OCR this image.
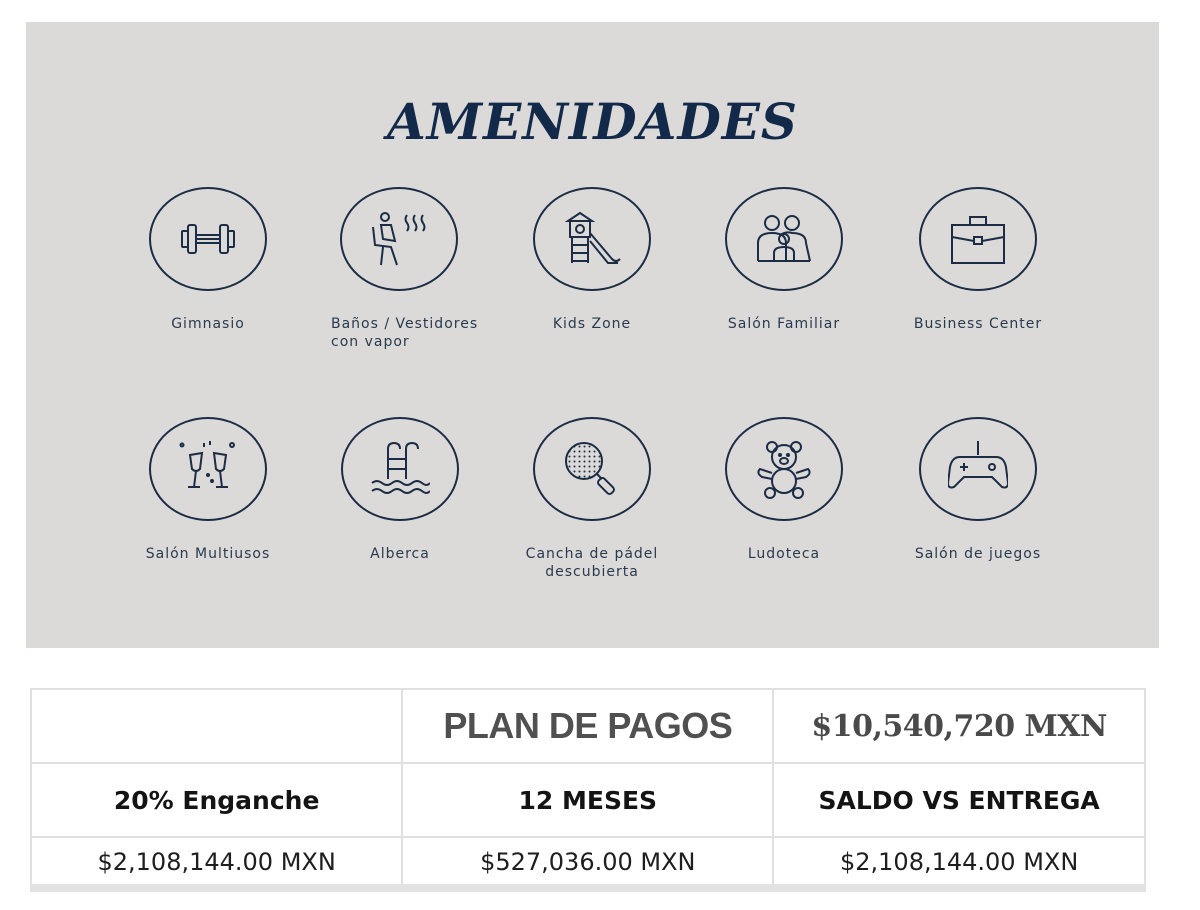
AMENIDADES
Gimnasio	Baños / Vestidores con vapor
Kids Zone	Salón Familiar	Business Center
Salón Multiusos	Alberca	Cancha de pádel descubierta
Ludoteca	Salón de juegos
	PLAN DE PAGOS	$10,540,720 MXN
20% Enganche	12 MESES	SALDO VS ENTREGA
$2,108,144.00 MXN	$527,036.00 MXN	$2,108,144.00 MXN
